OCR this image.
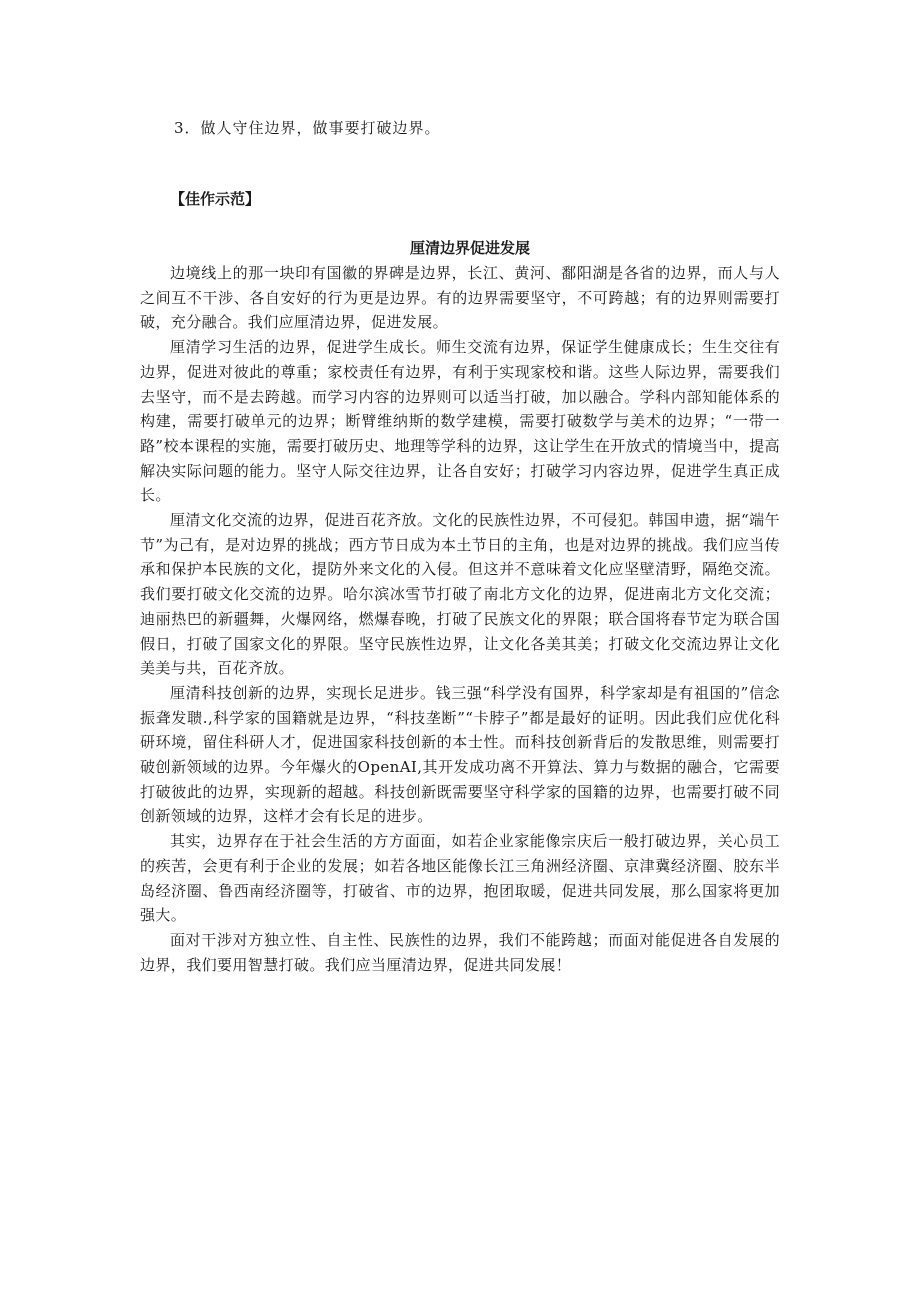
3．做人守住边界，做事要打破边界。
【佳作示范】
厘清边界促进发展

边境线上的那一块印有国徽的界碑是边界，长江、黄河、鄱阳湖是各省的边界，而人与人之间互不干涉、各自安好的行为更是边界。有的边界需要坚守，不可跨越；有的边界则需要打破，充分融合。我们应厘清边界，促进发展。

厘清学习生活的边界，促进学生成长。师生交流有边界，保证学生健康成长；生生交往有边界，促进对彼此的尊重；家校责任有边界，有利于实现家校和谐。这些人际边界，需要我们去坚守，而不是去跨越。而学习内容的边界则可以适当打破，加以融合。学科内部知能体系的构建，需要打破单元的边界；断臂维纳斯的数学建模，需要打破数学与美术的边界；“一带一路”校本课程的实施，需要打破历史、地理等学科的边界，这让学生在开放式的情境当中，提高解决实际问题的能力。坚守人际交往边界，让各自安好；打破学习内容边界，促进学生真正成长。

厘清文化交流的边界，促进百花齐放。文化的民族性边界，不可侵犯。韩国申遗，据“端午节”为己有，是对边界的挑战；西方节日成为本土节日的主角，也是对边界的挑战。我们应当传承和保护本民族的文化，提防外来文化的入侵。但这并不意味着文化应坚壁清野，隔绝交流。我们要打破文化交流的边界。哈尔滨冰雪节打破了南北方文化的边界，促进南北方文化交流；迪丽热巴的新疆舞，火爆网络，燃爆春晚，打破了民族文化的界限；联合国将春节定为联合国假日，打破了国家文化的界限。坚守民族性边界，让文化各美其美；打破文化交流边界让文化美美与共，百花齐放。

厘清科技创新的边界，实现长足进步。钱三强“科学没有国界，科学家却是有祖国的”信念振聋发聩.,科学家的国籍就是边界，“科技垄断”“卡脖子”都是最好的证明。因此我们应优化科研环境，留住科研人才，促进国家科技创新的本士性。而科技创新背后的发散思维，则需要打破创新领域的边界。今年爆火的OpenAI,其开发成功离不开算法、算力与数据的融合，它需要打破彼此的边界，实现新的超越。科技创新既需要坚守科学家的国籍的边界，也需要打破不同创新领域的边界，这样才会有长足的进步。

其实，边界存在于社会生活的方方面面，如若企业家能像宗庆后一般打破边界，关心员工的疾苦，会更有利于企业的发展；如若各地区能像长江三角洲经济圈、京津冀经济圈、胶东半岛经济圈、鲁西南经济圈等，打破省、市的边界，抱团取暖，促进共同发展，那么国家将更加强大。

面对干涉对方独立性、自主性、民族性的边界，我们不能跨越；而面对能促进各自发展的边界，我们要用智慧打破。我们应当厘清边界，促进共同发展！
